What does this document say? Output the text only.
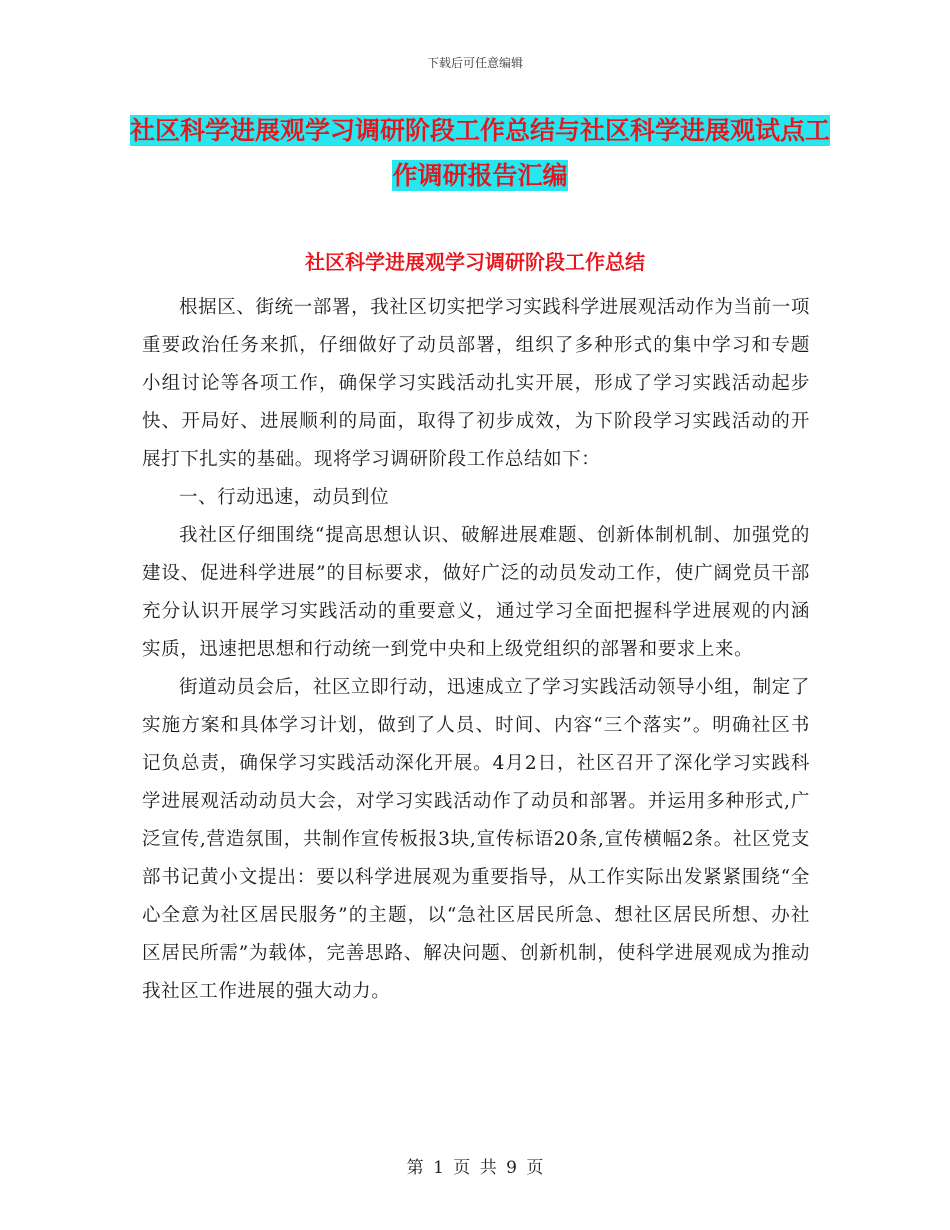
下载后可任意编辑
社区科学进展观学习调研阶段工作总结与社区科学进展观试点工作调研报告汇编
社区科学进展观学习调研阶段工作总结

根据区、街统一部署，我社区切实把学习实践科学进展观活动作为当前一项重要政治任务来抓，仔细做好了动员部署，组织了多种形式的集中学习和专题小组讨论等各项工作，确保学习实践活动扎实开展，形成了学习实践活动起步快、开局好、进展顺利的局面，取得了初步成效，为下阶段学习实践活动的开展打下扎实的基础。现将学习调研阶段工作总结如下：

一、行动迅速，动员到位

我社区仔细围绕“提高思想认识、破解进展难题、创新体制机制、加强党的建设、促进科学进展”的目标要求，做好广泛的动员发动工作，使广阔党员干部充分认识开展学习实践活动的重要意义，通过学习全面把握科学进展观的内涵实质，迅速把思想和行动统一到党中央和上级党组织的部署和要求上来。

街道动员会后，社区立即行动，迅速成立了学习实践活动领导小组，制定了实施方案和具体学习计划，做到了人员、时间、内容“三个落实”。明确社区书记负总责，确保学习实践活动深化开展。4月2日，社区召开了深化学习实践科学进展观活动动员大会，对学习实践活动作了动员和部署。并运用多种形式,广泛宣传,营造氛围，共制作宣传板报3块,宣传标语20条,宣传横幅2条。社区党支部书记黄小文提出：要以科学进展观为重要指导，从工作实际出发紧紧围绕“全心全意为社区居民服务”的主题，以“急社区居民所急、想社区居民所想、办社区居民所需”为载体，完善思路、解决问题、创新机制，使科学进展观成为推动我社区工作进展的强大动力。

第 1 页 共 9 页
